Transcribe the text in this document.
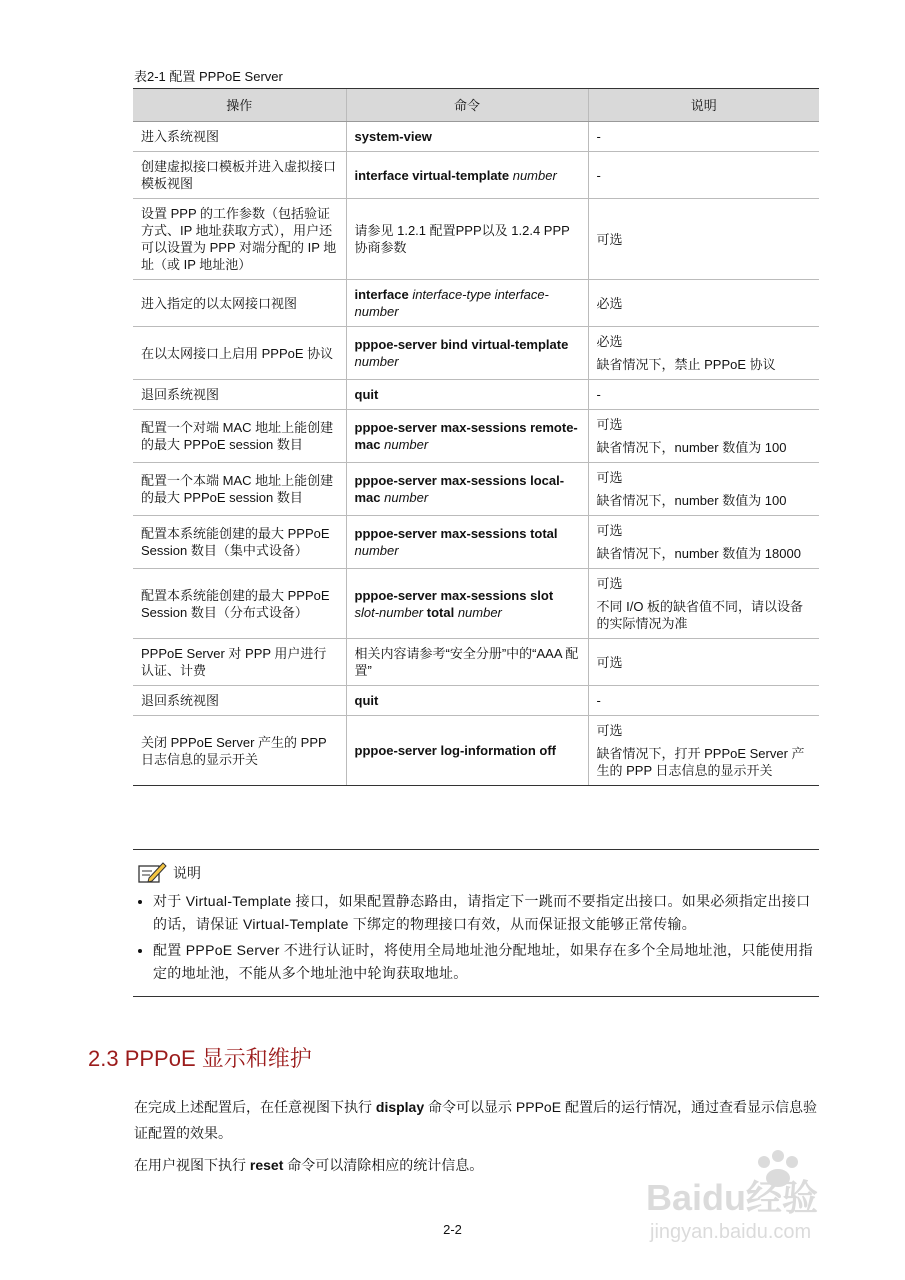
表2-1 配置 PPPoE Server
操作	命令	说明
进入系统视图	system-view	-

创建虚拟接口模板并进入虚拟接口模板视图	interface virtual-template number	-

设置 PPP 的工作参数（包括验证方式、IP 地址获取方式），用户还可以设置为 PPP 对端分配的 IP 地址（或 IP 地址池）	请参见 1.2.1 配置PPP以及 1.2.4 PPP协商参数	可选

进入指定的以太网接口视图	interface interface-type interface-number	必选

在以太网接口上启用 PPPoE 协议	pppoe-server bind virtual-template number	必选
缺省情况下，禁止 PPPoE 协议

退回系统视图	quit	-

配置一个对端 MAC 地址上能创建的最大 PPPoE session 数目	pppoe-server max-sessions remote-mac number	可选
缺省情况下，number 数值为 100

配置一个本端 MAC 地址上能创建的最大 PPPoE session 数目	pppoe-server max-sessions local-mac number	可选
缺省情况下，number 数值为 100

配置本系统能创建的最大 PPPoE Session 数目（集中式设备）	pppoe-server max-sessions total number	可选
缺省情况下，number 数值为 18000

配置本系统能创建的最大 PPPoE Session 数目（分布式设备）	pppoe-server max-sessions slot slot-number total number	可选
不同 I/O 板的缺省值不同，请以设备的实际情况为准

PPPoE Server 对 PPP 用户进行认证、计费	相关内容请参考“安全分册”中的“AAA 配置”	可选

退回系统视图	quit	-

关闭 PPPoE Server 产生的 PPP 日志信息的显示开关	pppoe-server log-information off	可选
缺省情况下，打开 PPPoE Server 产生的 PPP 日志信息的显示开关
说明
• 对于 Virtual-Template 接口，如果配置静态路由，请指定下一跳而不要指定出接口。如果必须指定出接口的话，请保证 Virtual-Template 下绑定的物理接口有效，从而保证报文能够正常传输。
• 配置 PPPoE Server 不进行认证时，将使用全局地址池分配地址，如果存在多个全局地址池，只能使用指定的地址池，不能从多个地址池中轮询获取地址。
2.3 PPPoE 显示和维护
在完成上述配置后，在任意视图下执行 display 命令可以显示 PPPoE 配置后的运行情况，通过查看显示信息验证配置的效果。
在用户视图下执行 reset 命令可以清除相应的统计信息。
2-2
Baidu经验
jingyan.baidu.com
